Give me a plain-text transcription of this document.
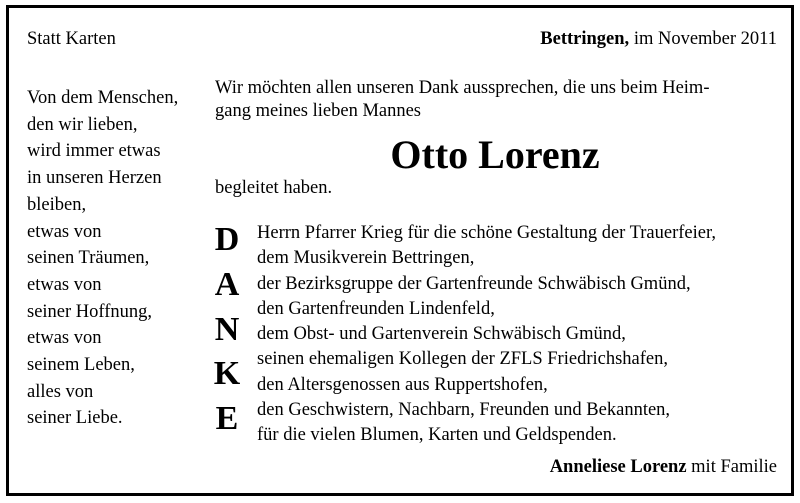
Statt Karten	Bettringen, im November 2011
Von dem Menschen,
den wir lieben,
wird immer etwas
in unseren Herzen
bleiben,
etwas von
seinen Träumen,
etwas von
seiner Hoffnung,
etwas von
seinem Leben,
alles von
seiner Liebe.
Wir möchten allen unseren Dank aussprechen, die uns beim Heim-
gang meines lieben Mannes
Otto Lorenz
begleitet haben.
D
A
N
K
E
Herrn Pfarrer Krieg für die schöne Gestaltung der Trauerfeier,
dem Musikverein Bettringen,
der Bezirksgruppe der Gartenfreunde Schwäbisch Gmünd,
den Gartenfreunden Lindenfeld,
dem Obst- und Gartenverein Schwäbisch Gmünd,
seinen ehemaligen Kollegen der ZFLS Friedrichshafen,
den Altersgenossen aus Ruppertshofen,
den Geschwistern, Nachbarn, Freunden und Bekannten,
für die vielen Blumen, Karten und Geldspenden.
Anneliese Lorenz mit Familie
